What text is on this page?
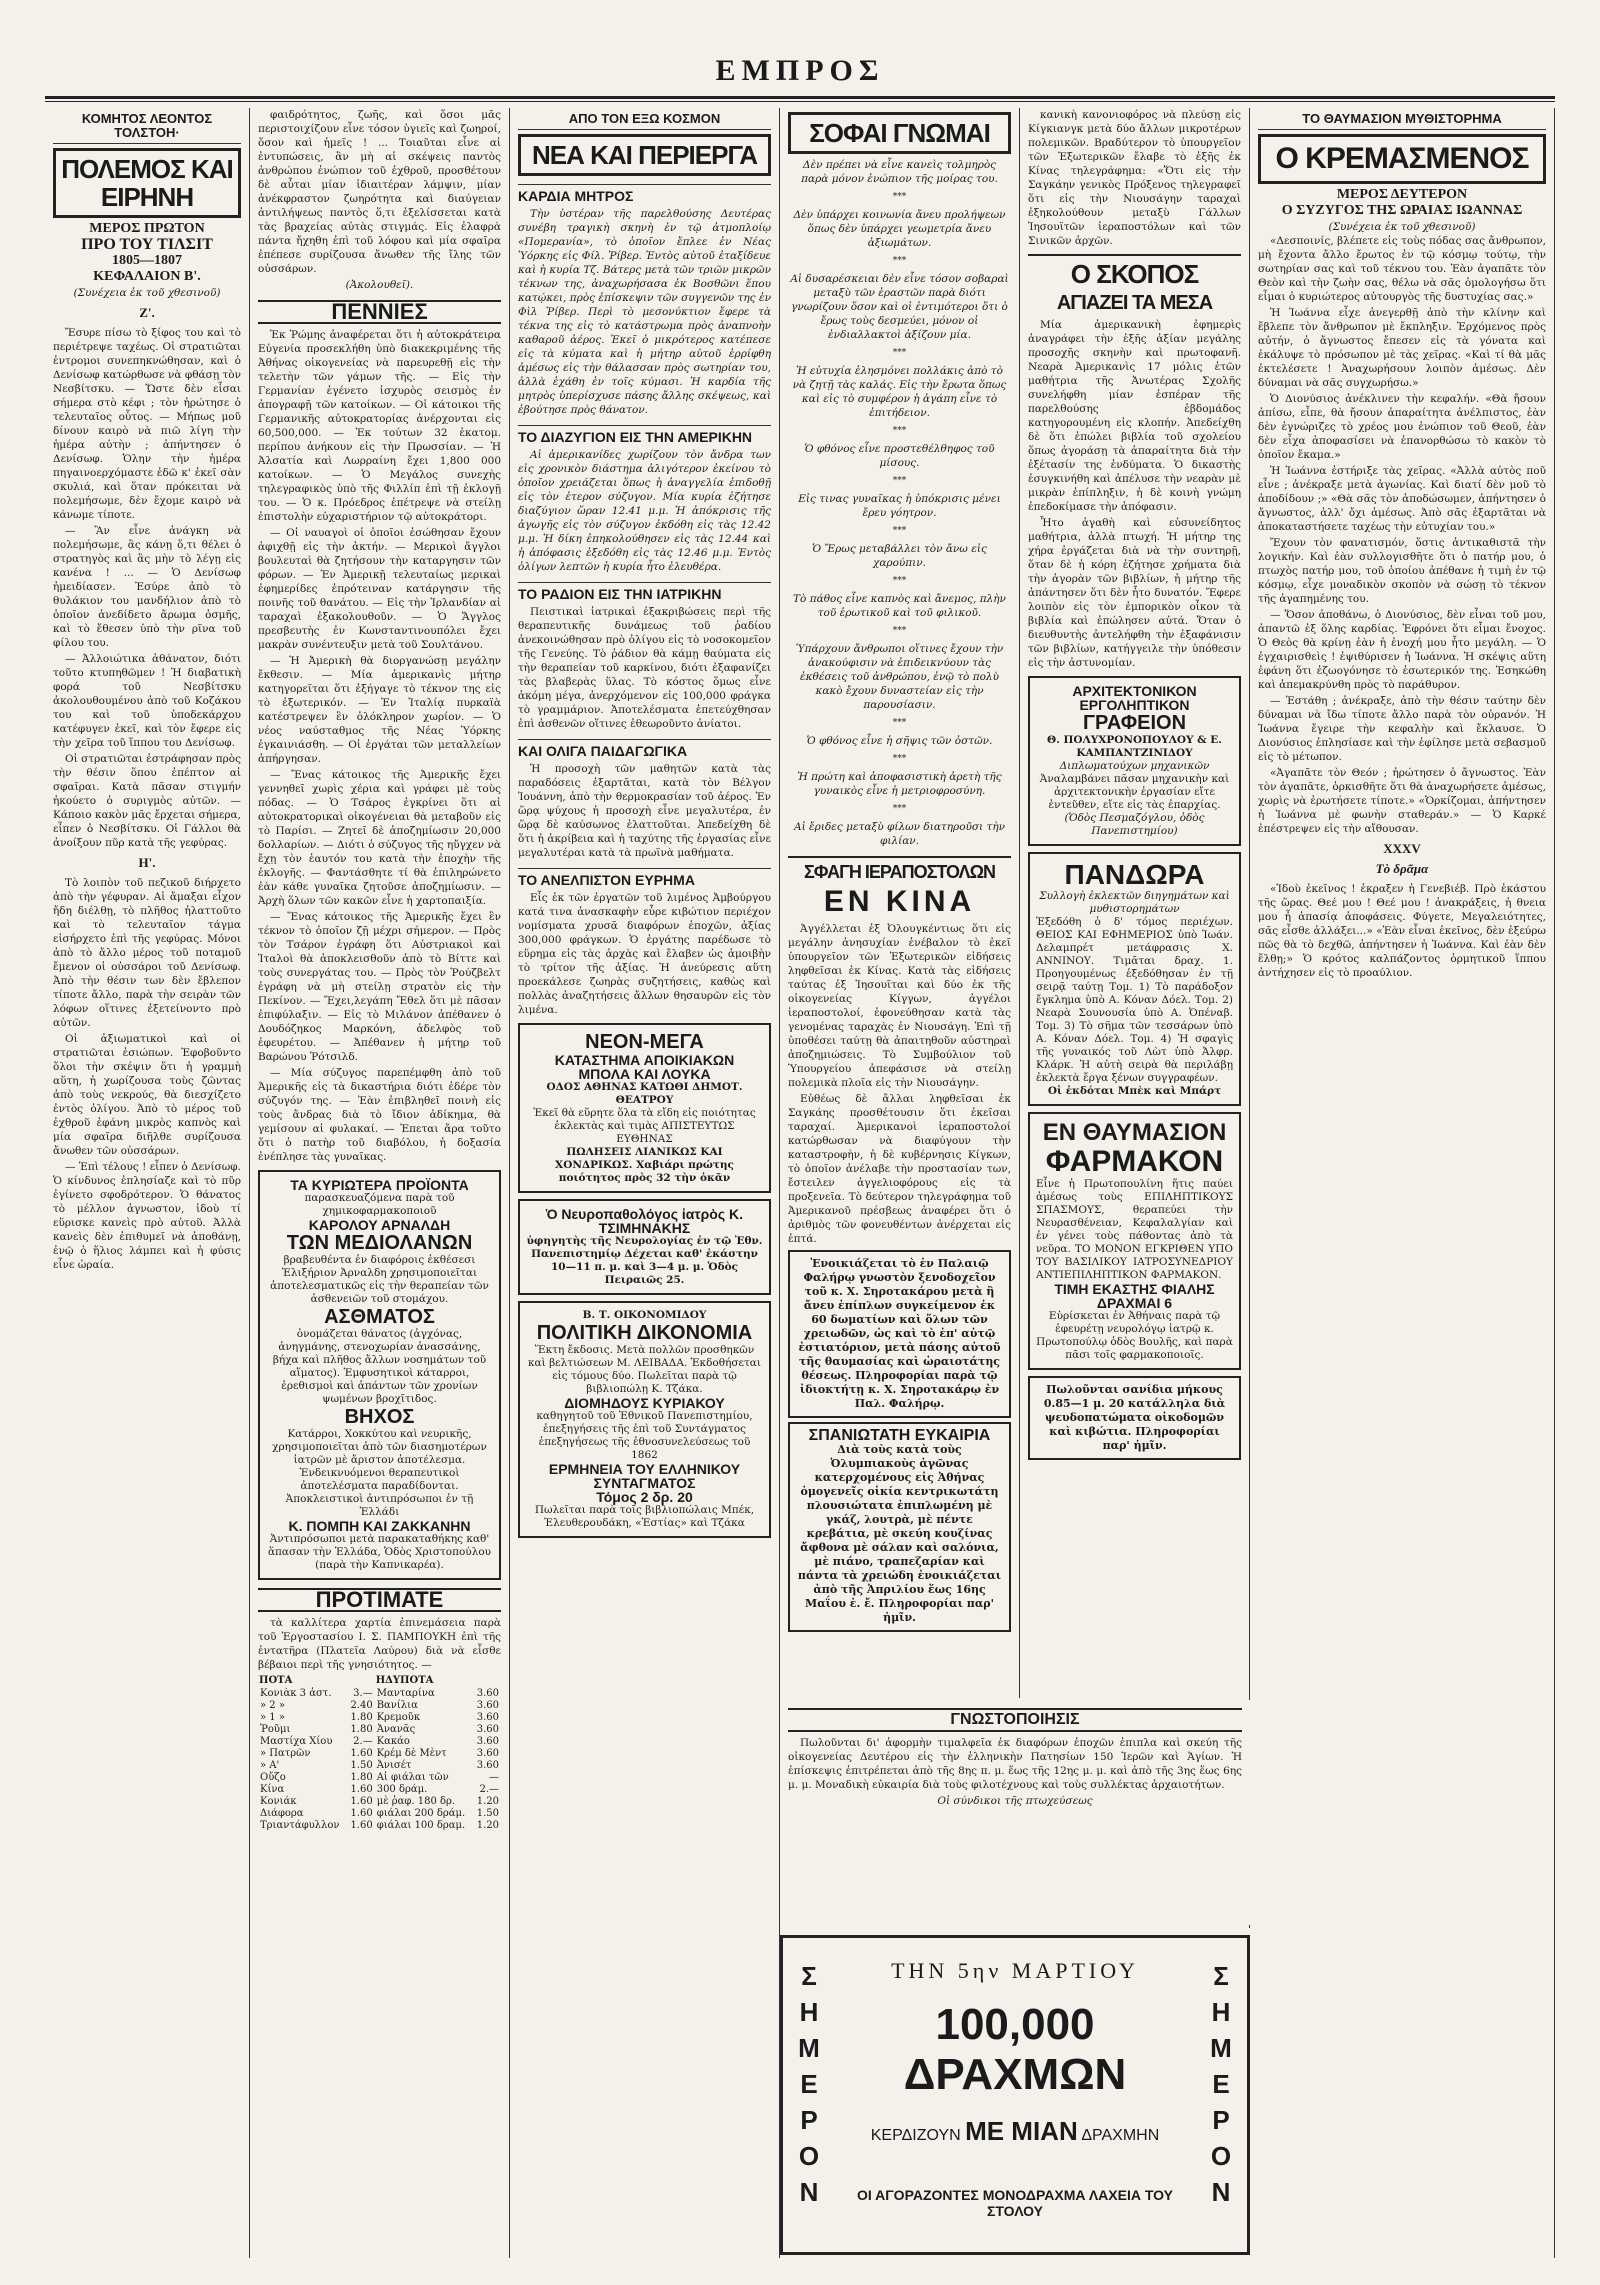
ΕΜΠΡΟΣ
ΚΟΜΗΤΟΣ ΛΕΟΝΤΟΣ ΤΟΛΣΤΟΗ·
ΠΟΛΕΜΟΣ ΚΑΙ ΕΙΡΗΝΗ
ΜΕΡΟΣ ΠΡΩΤΟΝ
ΠΡΟ ΤΟΥ ΤΙΛΣΙΤ
1805—1807
ΚΕΦΑΛΑΙΟΝ Β'.
(Συνέχεια ἐκ τοῦ χθεσινοῦ)
Ζ'.
Ἔσυρε πίσω τὸ ξίφος του καὶ τὸ περιέτρεψε ταχέως. Οἱ στρατιῶται ἐντρομοι συνεπηκνώθησαν, καὶ ὁ Δενίσωφ κατώρθωσε νὰ φθάσῃ τὸν Νεσβίτσκυ. — Ὥστε δὲν εἶσαι σήμερα στὸ κέφι ; τὸν ἠρώτησε ὁ τελευταῖος οὗτος. — Μήπως μοῦ δίνουν καιρὸ νὰ πιῶ λίγη τὴν ἡμέρα αὐτὴν ; ἀπήντησεν ὁ Δενίσωφ. Ὁλην τὴν ἡμέρα πηγαινοερχόμαστε ἐδῶ κ' ἐκεῖ σὰν σκυλιά, καὶ ὅταν πρόκειται νὰ πολεμήσωμε, δὲν ἔχομε καιρὸ νὰ κάνωμε τίποτε.
— Ἂν εἶνε ἀνάγκη νὰ πολεμήσωμε, ἂς κάνῃ ὅ,τι θέλει ὁ στρατηγὸς καὶ ἂς μὴν τὸ λέγῃ εἰς κανένα ! ... — Ὁ Δενίσωφ ἠμειδίασεν. Ἐσύρε ἀπὸ τὸ θυλάκιον του μανδήλιον ἀπὸ τὸ ὁποῖον ἀνεδίδετο ἄρωμα ὀσμῆς, καὶ τὸ ἔθεσεν ὑπὸ τὴν ρῖνα τοῦ φίλου του.
— Ἀλλοιώτικα ἀθάνατον, διότι τοῦτο κτυπηθῶμεν ! Ἡ διαβατικὴ φορά τοῦ Νεσβίτσκυ ἀκολουθουμένου ἀπὸ τοῦ Κοζάκου του καὶ τοῦ ὑποδεκάρχου κατέφυγεν ἐκεῖ, καὶ τὸν ἔφερε εἰς τὴν χεῖρα τοῦ ἵππου του Δενίσωφ.
Οἱ στρατιῶται ἐστράφησαν πρὸς τὴν θέσιν ὅπου ἐπέπτον αἱ σφαῖραι. Κατὰ πᾶσαν στιγμήν ἠκούετο ὁ συριγμὸς αὐτῶν. — Κάποιο κακὸν μᾶς ἔρχεται σήμερα, εἶπεν ὁ Νεσβίτσκυ. Οἱ Γάλλοι θὰ ἀνοίξουν πῦρ κατὰ τῆς γεφύρας.
Η'.
Τὸ λοιπὸν τοῦ πεζικοῦ διήρχετο ἀπὸ τὴν γέφυραν. Αἱ ἄμαξαι εἶχον ἤδη διέλθῃ, τὸ πλῆθος ἠλαττοῦτο καὶ τὸ τελευταῖον τάγμα εἰσήρχετο ἐπὶ τῆς γεφύρας. Μόνοι ἀπὸ τὸ ἄλλο μέρος τοῦ ποταμοῦ ἔμενον οἱ οὐσσάροι τοῦ Δενίσωφ. Ἀπὸ τὴν θέσιν των δὲν ἔβλεπον τίποτε ἄλλο, παρὰ τὴν σειρὰν τῶν λόφων οἵτινες ἐξετείνοντο πρὸ αὐτῶν.
Οἱ ἀξιωματικοὶ καὶ οἱ στρατιῶται ἐσιώπων. Ἐφοβοῦντο ὅλοι τὴν σκέψιν ὅτι ἡ γραμμὴ αὕτη, ἡ χωρίζουσα τοὺς ζῶντας ἀπὸ τοὺς νεκρούς, θὰ διεσχίζετο ἐντὸς ὀλίγου. Ἀπὸ τὸ μέρος τοῦ ἐχθροῦ ἐφάνη μικρὸς καπνὸς καὶ μία σφαῖρα διῆλθε συρίζουσα ἄνωθεν τῶν οὐσσάρων.
— Ἐπὶ τέλους ! εἶπεν ὁ Δενίσωφ. Ὁ κίνδυνος ἐπλησίαζε καὶ τὸ πῦρ ἐγίνετο σφοδρότερον. Ὁ θάνατος τὸ μέλλον ἀγνωστον, ἰδοὺ τί εὕρισκε κανεὶς πρὸ αὐτοῦ. Ἀλλὰ κανεὶς δὲν ἐπιθυμεῖ νὰ ἀποθάνῃ, ἐνῷ ὁ ἥλιος λάμπει καὶ ἡ φύσις εἶνε ὡραία.
φαιδρότητος, ζωῆς, καὶ ὅσοι μᾶς περιστοιχίζουν εἶνε τόσον ὑγιεῖς καὶ ζωηροί, ὅσον καὶ ἡμεῖς ! ... Τοιαῦται εἶνε αἱ ἐντυπώσεις, ἂν μὴ αἱ σκέψεις παντὸς ἀνθρώπου ἐνώπιον τοῦ ἐχθροῦ, προσθέτουν δὲ αὗται μίαν ἰδιαιτέραν λάμψιν, μίαν ἀνέκφραστον ζωηρότητα καὶ διαύγειαν ἀντιλήψεως παντὸς ὅ,τι ἐξελίσσεται κατὰ τὰς βραχείας αὐτὰς στιγμάς. Εἰς ἐλαφρὰ πάντα ἤχηθη ἐπὶ τοῦ λόφου καὶ μία σφαῖρα ἐπέπεσε συρίζουσα ἄνωθεν τῆς ἴλης τῶν οὐσσάρων.
(Ἀκολουθεῖ).
ΠΕΝΝΙΕΣ
Ἐκ Ῥώμης ἀναφέρεται ὅτι ἡ αὐτοκράτειρα Εὐγενία προσεκλήθη ὑπὸ διακεκριμένης τῆς Ἀθήνας οἰκογενείας νὰ παρευρεθῇ εἰς τὴν τελετὴν τῶν γάμων τῆς. — Εἰς τὴν Γερμανίαν ἐγένετο ἰσχυρὸς σεισμὸς ἐν ἀπογραφῇ τῶν κατοίκων. — Οἱ κάτοικοι τῆς Γερμανικῆς αὐτοκρατορίας ἀνέρχονται εἰς 60,500,000. — Ἐκ τούτων 32 ἑκατομ. περίπου ἀνήκουν εἰς τὴν Πρωσσίαν. — Ἡ Ἀλσατία καὶ Λωρραίνη ἔχει 1,800 000 κατοίκων. — Ὁ Μεγάλος συνεχὴς τηλεγραφικὸς ὑπὸ τῆς Φιλλίπ ἐπὶ τῇ ἐκλογῇ του. — Ὁ κ. Πρόεδρος ἐπέτρεψε νὰ στείλῃ ἐπιστολὴν εὐχαριστήριον τῷ αὐτοκράτορι.
— Οἱ ναυαγοὶ οἱ ὁποῖοι ἐσώθησαν ἔχουν ἀφιχθῇ εἰς τὴν ἀκτήν. — Μερικοὶ ἄγγλοι βουλευταὶ θὰ ζητήσουν τὴν καταργησιν τῶν φόρων. — Ἐν Ἀμερικῇ τελευταίως μερικαὶ ἐφημερίδες ἐπρότειναν κατάργησιν τῆς ποινῆς τοῦ θανάτου. — Εἰς τὴν Ἰρλανδίαν αἱ ταραχαὶ ἐξακολουθοῦν. — Ὁ Ἄγγλος πρεσβευτὴς ἐν Κωνσταντινουπόλει ἔχει μακρὰν συνέντευξιν μετὰ τοῦ Σουλτάνου.
— Ἡ Ἀμερικὴ θὰ διοργανώσῃ μεγάλην ἔκθεσιν. — Μία ἀμερικανὶς μήτηρ κατηγορεῖται ὅτι ἐξήγαγε τὸ τέκνον της εἰς τὸ ἐξωτερικόν. — Ἐν Ἰταλίᾳ πυρκαϊὰ κατέστρεψεν ἓν ὁλόκληρον χωρίον. — Ὁ νέος ναύσταθμος τῆς Νέας Ὑόρκης ἐγκαινιάσθη. — Οἱ ἐργάται τῶν μεταλλείων ἀπήργησαν.
— Ἔνας κάτοικος τῆς Ἀμερικῆς ἔχει γεννηθεῖ χωρὶς χέρια καὶ γράφει μὲ τοὺς πόδας. — Ὁ Τσάρος ἐγκρίνει ὅτι αἱ αὐτοκρατορικαὶ οἰκογένειαι θὰ μεταβοῦν εἰς τὸ Παρίσι. — Ζητεῖ δὲ ἀποζημίωσιν 20,000 δολλαρίων. — Διότι ὁ σύζυγος τῆς ηὔγχεν νὰ ἔχῃ τὸν ἑαυτόν του κατὰ τὴν ἐποχὴν τῆς ἐκλογῆς. — Φαντάσθητε τί θὰ ἐπιληρώνετο ἐὰν κάθε γυναῖκα ζητοῦσε ἀποζημίωσιν. — Ἀρχὴ ὅλων τῶν κακῶν εἶνε ἡ χαρτοπαιξία.
— Ἕνας κάτοικος τῆς Ἀμερικῆς ἔχει ἓν τέκνον τὸ ὁποῖον ζῇ μέχρι σήμερον. — Πρὸς τὸν Τσάρον ἐγράφη ὅτι Αὐστριακοὶ καὶ Ἰταλοὶ θὰ ἀποκλεισθοῦν ἀπὸ τὸ Βίττε καὶ τοὺς συνεργάτας του. — Πρὸς τὸν Ῥούζβελτ ἐγράφη νὰ μὴ στείλῃ στρατὸν εἰς τὴν Πεκίνον. — Ἔχει,λεγάπη Ἔθελ ὅτι μὲ πᾶσαν ἐπιφύλαξιν. — Εἰς τὸ Μιλάνον ἀπέθανεν ὁ Δουδόζηκος Μαρκόνη, ἀδελφὸς τοῦ ἐφευρέτου. — Ἀπέθανεν ἡ μήτηρ τοῦ Βαρώνου Ῥότσιλδ.
— Μία σύζυγος παρεπέμφθη ἀπὸ τοῦ Ἀμερικῆς εἰς τὰ δικαστήρια διότι ἐδέρε τὸν σύζυγόν της. — Ἐὰν ἐπιβληθεῖ ποινὴ εἰς τοὺς ἄνδρας διὰ τὸ ἴδιον ἀδίκημα, θὰ γεμίσουν αἱ φυλακαί. — Ἐπεται ἄρα τοῦτο ὅτι ὁ πατὴρ τοῦ διαβόλου, ἡ δοξασία ἐνέπλησε τὰς γυναῖκας.
ΤΑ ΚΥΡΙΩΤΕΡΑ ΠΡΟΪΟΝΤΑ
παρασκευαζόμενα παρὰ τοῦ χημικοφαρμακοποιοῦ
ΚΑΡΟΛΟΥ ΑΡΝΑΛΔΗ
ΤΩΝ ΜΕΔΙΟΛΑΝΩΝ
βραβευθέντα ἐν διαφόροις ἐκθέσεσι Ἐλιξήριον Ἀρναλδη χρησιμοποιεῖται ἀποτελεσματικῶς εἰς τὴν θεραπείαν τῶν ἀσθενειῶν τοῦ στομάχου.
ΑΣΘΜΑΤΟΣ
ὁνομάζεται θάνατος (ἀγχόνας, ἀνηγμάνης, στενοχωρίαν ἀνασσάνης, βήχα καὶ πλῆθος ἄλλων νοσημάτων τοῦ αἵματος). Ἐμφυσητικοὶ κάταρροι, ἐρεθισμοὶ καὶ ἀπάντων τῶν χρονίων ψωμένων βροχῖτιδος.
ΒΗΧΟΣ
Κατάρροι, Χοκκύτου καὶ νευρικῆς, χρησιμοποιεῖται ἀπὸ τῶν διασημοτέρων ἰατρῶν μὲ ἄριστον ἀποτέλεσμα. Ἐνδεικνυόμενοι θεραπευτικοὶ ἀποτελέσματα παραδίδονται.
Ἀποκλειστικοὶ ἀντιπρόσωποι ἐν τῇ Ἑλλάδι
Κ. ΠΟΜΠΗ ΚΑΙ ΖΑΚΚΑΝΗΝ
Ἀντιπρόσωποι μετὰ παρακαταθήκης καθ' ἅπασαν τὴν Ἑλλάδα, Ὁδὸς Χριστοπούλου (παρὰ τὴν Καπνικαρέα).
ΠΡΟΤΙΜΑΤΕ
τὰ καλλίτερα χαρτία ἐπινεμάσεια παρὰ τοῦ Ἐργοστασίου Ι. Σ. ΠΑΜΠΟΥΚΗ ἐπὶ τῆς ἐντατῆρα (Πλατεῖα Λαύρου) διὰ νὰ εἶσθε βέβαιοι περὶ τῆς γνησιότητος. —
ΠΟΤΑ		ΗΔΥΠΟΤΑ	
Κονιὰκ 3 ἀστ.	3.—	Μανταρίνα	3.60
» 2 »	2.40	Βανίλια	3.60
» 1 »	1.80	Κρεμοῦκ	3.60
Ῥοῦμι	1.80	Ἀνανᾶς	3.60
Μαστίχα Χίου	2.—	Κακάο	3.60
» Πατρῶν	1.60	Κρέμ δὲ Μὲντ	3.60
» Α'	1.50	Ἀνισέτ	3.60
Οὔζο	1.80	Αἱ φιάλαι τῶν	—
Κίνα	1.60	300 δράμ.	2.—
Κονιάκ	1.60	μὲ ῥαφ. 180 δρ.	1.20
Διάφορα	1.60	φιάλαι 200 δράμ.	1.50
Τριαντάφυλλον	1.60	φιάλαι 100 δραμ.	1.20
ΑΠΟ ΤΟΝ ΕΞΩ ΚΟΣΜΟΝ
ΝΕΑ ΚΑΙ ΠΕΡΙΕΡΓΑ
ΚΑΡΔΙΑ ΜΗΤΡΟΣ
Τὴν ὑστέραν τῆς παρελθούσης Δευτέρας συνέβη τραγικὴ σκηνὴ ἐν τῷ ἀτμοπλοίῳ «Πομερανία», τὸ ὁποῖον ἔπλεε ἐν Νέας Ὑόρκης εἰς Φίλ. Ῥίβερ. Ἐντὸς αὐτοῦ ἐταξίδευε καὶ ἡ κυρία Τζ. Βάτερς μετὰ τῶν τριῶν μικρῶν τέκνων της, ἀναχωρήσασα ἐκ Βοσθῶνι ἕπου κατῴκει, πρὸς ἐπίσκεψιν τῶν συγγενῶν της ἐν Φὶλ Ῥίβερ. Περὶ τὸ μεσονύκτιον ἔφερε τὰ τέκνα της εἰς τὸ κατάστρωμα πρὸς ἀναπνοὴν καθαροῦ ἀέρος. Ἐκεῖ ὁ μικρότερος κατέπεσε εἰς τὰ κύματα καὶ ἡ μήτηρ αὐτοῦ ἐρρίφθη ἀμέσως εἰς τὴν θάλασσαν πρὸς σωτηρίαν του, ἀλλὰ ἐχάθη ἐν τοῖς κύμασι. Ἡ καρδία τῆς μητρὸς ὑπερίσχυσε πάσης ἄλλης σκέψεως, καὶ ἐβούτησε πρὸς θάνατον.
ΤΟ ΔΙΑΖΥΓΙΟΝ ΕΙΣ ΤΗΝ ΑΜΕΡΙΚΗΝ
Αἱ ἀμερικανίδες χωρίζουν τὸν ἄνδρα των εἰς χρονικὸν διάστημα ἀλιγότερον ἐκείνου τὸ ὁποῖον χρειάζεται ὅπως ἡ ἀναγγελία ἐπιδοθῇ εἰς τὸν ἐτερον σύζυγον. Μία κυρία ἐζήτησε διαζύγιον ὥραν 12.41 μ.μ. Ἡ ἀπόκρισις τῆς ἀγωγῆς εἰς τὸν σύζυγον ἐκδόθη εἰς τὰς 12.42 μ.μ. Ἡ δίκη ἐπηκολούθησεν εἰς τὰς 12.44 καὶ ἡ ἀπόφασις ἐξεδόθη εἰς τὰς 12.46 μ.μ. Ἐντὸς ὀλίγων λεπτῶν ἡ κυρία ἦτο ἐλευθέρα.
ΤΟ ΡΑΔΙΟΝ ΕΙΣ ΤΗΝ ΙΑΤΡΙΚΗΝ
Πειστικαὶ ἰατρικαὶ ἐξακριβώσεις περὶ τῆς θεραπευτικῆς δυνάμεως τοῦ ῥαδίου ἀνεκοινώθησαν πρὸ ὀλίγου εἰς τὸ νοσοκομεῖον τῆς Γενεύης. Τὸ ῥάδιον θὰ κάμῃ θαύματα εἰς τὴν θεραπείαν τοῦ καρκίνου, διότι ἐξαφανίζει τὰς βλαβερὰς ὕλας. Τὸ κόστος ὅμως εἶνε ἀκόμη μέγα, ἀνερχόμενον εἰς 100,000 φράγκα τὸ γραμμάριον. Ἀποτελέσματα ἐπετεύχθησαν ἐπὶ ἀσθενῶν οἵτινες ἐθεωροῦντο ἀνίατοι.
ΚΑΙ ΟΛΙΓΑ ΠΑΙΔΑΓΩΓΙΚΑ
Ἡ προσοχὴ τῶν μαθητῶν κατὰ τὰς παραδόσεις ἐξαρτᾶται, κατὰ τὸν Βέλγον Ἰουάννη, ἀπὸ τὴν θερμοκρασίαν τοῦ ἀέρος. Ἐν ὥρᾳ ψύχους ἡ προσοχὴ εἶνε μεγαλυτέρα, ἐν ὥρᾳ δὲ καύσωνος ἐλαττοῦται. Ἀπεδείχθη δὲ ὅτι ἡ ἀκρίβεια καὶ ἡ ταχύτης τῆς ἐργασίας εἶνε μεγαλυτέραι κατὰ τὰ πρωϊνὰ μαθήματα.
ΤΟ ΑΝΕΛΠΙΣΤΟΝ ΕΥΡΗΜΑ
Εἶς ἐκ τῶν ἐργατῶν τοῦ λιμένος Ἀμβούργου κατά τινα ἀνασκαφὴν εὗρε κιβώτιον περιέχον νομίσματα χρυσᾶ διαφόρων ἐποχῶν, ἀξίας 300,000 φράγκων. Ὁ ἐργάτης παρέδωσε τὸ εὕρημα εἰς τὰς ἀρχὰς καὶ ἔλαβεν ὡς ἀμοιβὴν τὸ τρίτον τῆς ἀξίας. Ἡ ἀνεύρεσις αὕτη προεκάλεσε ζωηρὰς συζητήσεις, καθὼς καὶ πολλὰς ἀναζητήσεις ἄλλων θησαυρῶν εἰς τὸν λιμένα.
ΝΕΟΝ-ΜΕΓΑ
ΚΑΤΑΣΤΗΜΑ ΑΠΟΙΚΙΑΚΩΝ
ΜΠΟΛΑ ΚΑΙ ΛΟΥΚΑ
ΟΔΟΣ ΑΘΗΝΑΣ ΚΑΤΩΘΙ ΔΗΜΟΤ. ΘΕΑΤΡΟΥ
Ἐκεῖ θὰ εὕρητε ὅλα τὰ εἴδη εἰς ποιότητας ἐκλεκτὰς καὶ τιμὰς ΑΠΙΣΤΕΥΤΩΣ ΕΥΘΗΝΑΣ
ΠΩΛΗΣΕΙΣ ΛΙΑΝΙΚΩΣ ΚΑΙ ΧΟΝΔΡΙΚΩΣ. Χαβιάρι πρώτης ποιότητος πρὸς 32 τὴν ὀκᾶν
Ὁ Νευροπαθολόγος ἰατρὸς Κ. ΤΣΙΜΗΝΑΚΗΣ
ὑφηγητὴς τῆς Νευρολογίας ἐν τῷ Ἐθν. Πανεπιστημίῳ Δέχεται καθ' ἑκάστην 10—11 π. μ. καὶ 3—4 μ. μ. Ὁδὸς Πειραιῶς 25.
Β. Τ. ΟΙΚΟΝΟΜΙΔΟΥ
ΠΟΛΙΤΙΚΗ ΔΙΚΟΝΟΜΙΑ
Ἕκτη ἔκδοσις. Μετὰ πολλῶν προσθηκῶν καὶ βελτιώσεων Μ. ΛΕΙΒΑΔΑ. Ἐκδοθήσεται εἰς τόμους δύο. Πωλεῖται παρὰ τῷ βιβλιοπώλῃ Κ. Τζάκα.
ΔΙΟΜΗΔΟΥΣ ΚΥΡΙΑΚΟΥ
καθηγητοῦ τοῦ Ἐθνικοῦ Πανεπιστημίου, ἐπεξηγήσεις τῆς ἐπὶ τοῦ Συντάγματος ἐπεξηγήσεως τῆς ἐθνοσυνελεύσεως τοῦ 1862
ΕΡΜΗΝΕΙΑ ΤΟΥ ΕΛΛΗΝΙΚΟΥ ΣΥΝΤΑΓΜΑΤΟΣ
Τόμος 2 δρ. 20
Πωλεῖται παρὰ τοῖς βιβλιοπώλαις Μπέκ, Ἐλευθερουδάκη, «Ἑστίας» καὶ Τζάκα
ΣΟΦΑΙ ΓΝΩΜΑΙ
Δὲν πρέπει νὰ εἶνε κανεὶς τολμηρὸς παρὰ μόνον ἐνώπιον τῆς μοίρας του.
***
Δὲν ὑπάρχει κοινωνία ἄνευ προλήψεων ὅπως δὲν ὑπάρχει γεωμετρία ἄνευ ἀξιωμάτων.
***
Αἱ δυσαρέσκειαι δὲν εἶνε τόσον σοβαραὶ μεταξὺ τῶν ἐραστῶν παρὰ διότι γνωρίζουν ὅσον καὶ οἱ ἐντιμότεροι ὅτι ὁ ἔρως τοὺς δεσμεύει, μόνον οἱ ἐνδιαλλακτοὶ ἀξίζουν μία.
***
Ἡ εὐτυχία ἐλησμόνει πολλάκις ἀπὸ τὸ νὰ ζητῇ τὰς καλάς. Εἰς τὴν ἔρωτα ὅπως καὶ εἰς τὸ συμφέρον ἡ ἀγάπη εἶνε τὸ ἐπιτήδειον.
***
Ὁ φθόνος εἶνε προστεθέλθηφος τοῦ μίσους.
***
Εἰς τινας γυναῖκας ἡ ὑπόκρισις μένει ἔρευ γόητρον.
***
Ὁ Ἔρως μεταβάλλει τὸν ἄνω εἰς χαρούπιν.
***
Τὸ πάθος εἶνε καπνὸς καὶ ἄνεμος, πλὴν τοῦ ἐρωτικοῦ καὶ τοῦ φιλικοῦ.
***
Ὑπάρχουν ἄνθρωποι οἵτινες ἔχουν τὴν ἀνακούφισιν νὰ ἐπιδεικνύουν τὰς ἐκθέσεις τοῦ ἀνθρώπου, ἐνῷ τὸ πολὺ κακὸ ἔχουν δυναστείαν εἰς τὴν παρουσίασιν.
***
Ὁ φθόνος εἶνε ἡ σῆψις τῶν ὀστῶν.
***
Ἡ πρώτη καὶ ἀποφασιστικὴ ἀρετὴ τῆς γυναικὸς εἶνε ἡ μετριοφροσύνη.
***
Αἱ ἔριδες μεταξὺ φίλων διατηροῦσι τὴν φιλίαν.
ΣΦΑΓΗ ΙΕΡΑΠΟΣΤΟΛΩΝ
ΕΝ ΚΙΝΑ
Ἀγγέλλεται ἐξ Ὀλουγκέντιως ὅτι εἰς μεγάλην ἀνησυχίαν ἐνέβαλον τὸ ἐκεῖ ὑπουργεῖον τῶν Ἐξωτερικῶν εἰδήσεις ληφθεῖσαι ἐκ Κίνας. Κατὰ τὰς εἰδήσεις ταύτας ἐξ Ἰησουῖται καὶ δύο ἐκ τῆς οἰκογενείας Κίγγων, ἀγγέλοι ἱεραποστολοί, ἐφονεύθησαν κατὰ τὰς γενομένας ταραχὰς ἐν Νιουσάγη. Ἐπὶ τῇ ὑποθέσει ταύτῃ θὰ ἀπαιτηθοῦν αὐστηραὶ ἀποζημιώσεις. Τὸ Συμβούλιον τοῦ Ὑπουργείου ἀπεφάσισε νὰ στείλῃ πολεμικὰ πλοῖα εἰς τὴν Νιουσάγην.
Εὐθέως δὲ ἄλλαι ληφθεῖσαι ἐκ Σαγκάης προσθέτουσιν ὅτι ἐκεῖσαι ταραχαί. Ἀμερικανοὶ ἱεραποστολοί κατώρθωσαν νὰ διαφύγουν τὴν καταστροφὴν, ἡ δὲ κυβέρνησις Κίγκων, τὸ ὁποῖον ἀνέλαβε τὴν προστασίαν των, ἔστειλεν ἀγγελιοφόρους εἰς τὰ προξενεῖα. Τὸ δεύτερον τηλεγράφημα τοῦ Ἀμερικανοῦ πρέσβεως ἀναφέρει ὅτι ὁ ἀριθμὸς τῶν φονευθέντων ἀνέρχεται εἰς ἑπτά.
Ἐνοικιάζεται τὸ ἐν Παλαιῷ Φαλήρῳ γνωστὸν ξενοδοχεῖον τοῦ κ. Χ. Σηροτακάρου μετὰ ἢ ἄνευ ἐπίπλων συγκείμενον ἐκ 60 δωματίων καὶ ὅλων τῶν χρειωδῶν, ὡς καὶ τὸ ἐπ' αὐτῷ ἐστιατόριον, μετὰ πάσης αὐτοῦ τῆς θαυμασίας καὶ ὡραιοτάτης θέσεως. Πληροφορίαι παρὰ τῷ ἰδιοκτήτῃ κ. Χ. Σηροτακάρῳ ἐν Παλ. Φαλήρῳ.
ΣΠΑΝΙΩΤΑΤΗ ΕΥΚΑΙΡΙΑ
Διὰ τοὺς κατὰ τοὺς Ὀλυμπιακοὺς ἀγῶνας κατερχομένους εἰς Ἀθήνας ὁμογενεῖς οἰκία κεντρικωτάτη πλουσιώτατα ἐπιπλωμένη μὲ γκάζ, λουτρὰ, μὲ πέντε κρεβάτια, μὲ σκεύη κουζίνας ἄφθονα μὲ σάλαν καὶ σαλόνια, μὲ πιάνο, τραπεζαρίαν καὶ πάντα τὰ χρειώδη ἐνοικιάζεται ἀπὸ τῆς Ἀπριλίου ἕως 16ης Μαΐου ἐ. ἔ. Πληροφορίαι παρ' ἡμῖν.
κανικὴ κανονιοφόρος νὰ πλεύσῃ εἰς Κίγκιανγκ μετὰ δύο ἄλλων μικροτέρων πολεμικῶν. Βραδύτερον τὸ ὑπουργεῖον τῶν Ἐξωτερικῶν ἔλαβε τὸ ἑξῆς ἐκ Κίνας τηλεγράφημα: «Ὅτι εἰς τὴν Σαγκάην γενικὸς Πρόξενος τηλεγραφεῖ ὅτι εἰς τὴν Νιουσάγην ταραχαὶ ἐξηκολούθουν μεταξὺ Γάλλων Ἰησουϊτῶν ἱεραποστόλων καὶ τῶν Σινικῶν ἀρχῶν.
Ο ΣΚΟΠΟΣ
ΑΓΙΑΖΕΙ ΤΑ ΜΕΣΑ
Μία ἀμερικανικὴ ἐφημερὶς ἀναγράφει τὴν ἑξῆς ἀξίαν μεγάλης προσοχῆς σκηνὴν καὶ πρωτοφανῆ. Νεαρὰ Ἀμερικανὶς 17 μόλις ἐτῶν μαθήτρια τῆς Ἀνωτέρας Σχολῆς συνελήφθη μίαν ἑσπέραν τῆς παρελθούσης ἑβδομάδος κατηγορουμένη εἰς κλοπήν. Ἀπεδείχθη δὲ ὅτι ἐπώλει βιβλία τοῦ σχολείου ὅπως ἀγοράσῃ τὰ ἀπαραίτητα διὰ τὴν ἐξέτασίν της ἐνδύματα. Ὁ δικαστὴς ἐσυγκινήθη καὶ ἀπέλυσε τὴν νεαρὰν μὲ μικρὰν ἐπίπληξιν, ἡ δὲ κοινὴ γνώμη ἐπεδοκίμασε τὴν ἀπόφασιν.
Ἦτο ἀγαθὴ καὶ εὐσυνείδητος μαθήτρια, ἀλλὰ πτωχή. Ἡ μήτηρ της χήρα ἐργάζεται διὰ νὰ τὴν συντηρῇ, ὅταν δὲ ἡ κόρη ἐζήτησε χρήματα διὰ τὴν ἀγορὰν τῶν βιβλίων, ἡ μήτηρ τῆς ἀπάντησεν ὅτι δὲν ἦτο δυνατόν. Ἔφερε λοιπὸν εἰς τὸν ἐμπορικὸν οἶκον τὰ βιβλία καὶ ἐπώλησεν αὐτά. Ὅταν ὁ διευθυντὴς ἀντελήφθη τὴν ἐξαφάνισιν τῶν βιβλίων, κατήγγειλε τὴν ὑπόθεσιν εἰς τὴν ἀστυνομίαν.
ΑΡΧΙΤΕΚΤΟΝΙΚΟΝ ΕΡΓΟΛΗΠΤΙΚΟΝ
ΓΡΑΦΕΙΟΝ
Θ. ΠΟΛΥΧΡΟΝΟΠΟΥΛΟΥ & Ε. ΚΑΜΠΑΝΤΖΙΝΙΔΟΥ
Διπλωματούχων μηχανικῶν
Ἀναλαμβάνει πᾶσαν μηχανικὴν καὶ ἀρχιτεκτονικὴν ἐργασίαν εἴτε ἐντεῦθεν, εἴτε εἰς τὰς ἐπαρχίας.
(Ὁδὸς Πεσμαζόγλου, ὁδὸς Πανεπιστημίου)
ΠΑΝΔΩΡΑ
Συλλογὴ ἐκλεκτῶν διηγημάτων καὶ μυθιστορημάτων
Ἐξεδόθη ὁ δ' τόμος περιέχων. ΘΕΙΟΣ ΚΑΙ ΕΦΗΜΕΡΙΟΣ ὑπὸ Ἰωάν. Δελαμπρέτ μετάφρασις Χ. ΑΝΝΙΝΟΥ. Τιμᾶται δραχ. 1. Προηγουμένως ἐξεδόθησαν ἐν τῇ σειρᾷ ταύτῃ Τομ. 1) Τὸ παράδοξον ἔγκλημα ὑπὸ Α. Κόναν Δόελ. Τομ. 2) Νεαρὰ Σουνουσία ὑπὸ Α. Ὀπέναβ. Τομ. 3) Τὸ σῆμα τῶν τεσσάρων ὑπὸ Α. Κόναν Δόελ. Τομ. 4) Ἡ σφαγὶς τῆς γυναικός τοῦ Λὼτ ὑπὸ Ἀλφρ. Κλάρκ. Ἡ αὐτὴ σειρὰ θὰ περιλάβῃ ἐκλεκτὰ ἔργα ξένων συγγραφέων.
Οἱ ἐκδόται Μπὲκ καὶ Μπάρτ
ΕΝ ΘΑΥΜΑΣΙΟΝ
ΦΑΡΜΑΚΟΝ
Εἶνε ἡ Πρωτοπουλίνη ἥτις παύει ἀμέσως τοὺς ΕΠΙΛΗΠΤΙΚΟΥΣ ΣΠΑΣΜΟΥΣ, θεραπεύει τὴν Νευρασθένειαν, Κεφαλαλγίαν καὶ ἐν γένει τοὺς πάθοντας ἀπὸ τὰ νεῦρα. ΤΟ ΜΟΝΟΝ ΕΓΚΡΙΘΕΝ ΥΠΟ ΤΟΥ ΒΑΣΙΛΙΚΟΥ ΙΑΤΡΟΣΥΝΕΔΡΙΟΥ ΑΝΤΙΕΠΙΛΗΠΤΙΚΟΝ ΦΑΡΜΑΚΟΝ.
ΤΙΜΗ ΕΚΑΣΤΗΣ ΦΙΑΛΗΣ ΔΡΑΧΜΑΙ 6
Εὑρίσκεται ἐν Ἀθήναις παρὰ τῷ ἐφευρέτῃ νευρολόγῳ ἰατρῷ κ. Πρωτοπούλῳ ὁδὸς Βουλῆς, καὶ παρὰ πᾶσι τοῖς φαρμακοποιοῖς.
Πωλοῦνται σανίδια μήκους 0.85—1 μ. 20 κατάλληλα διὰ ψευδοπατώματα οἰκοδομῶν καὶ κιβώτια. Πληροφορίαι παρ' ἡμῖν.
ΤΟ ΘΑΥΜΑΣΙΟΝ ΜΥΘΙΣΤΟΡΗΜΑ
Ο ΚΡΕΜΑΣΜΕΝΟΣ
ΜΕΡΟΣ ΔΕΥΤΕΡΟΝ
Ο ΣΥΖΥΓΟΣ ΤΗΣ ΩΡΑΙΑΣ ΙΩΑΝΝΑΣ
(Συνέχεια ἐκ τοῦ χθεσινοῦ)
«Δεσποινίς, βλέπετε εἰς τοὺς πόδας σας ἄνθρωπον, μὴ ἔχοντα ἄλλο ἔρωτος ἐν τῷ κόσμῳ τούτῳ, τὴν σωτηρίαν σας καὶ τοῦ τέκνου του. Ἐὰν ἀγαπᾶτε τὸν Θεὸν καὶ τὴν ζωὴν σας, θέλω νὰ σᾶς ὁμολογήσω ὅτι εἶμαι ὁ κυριώτερος αὐτουργὸς τῆς δυστυχίας σας.»
Ἡ Ἰωάννα εἶχε ἀνεγερθῇ ἀπὸ τὴν κλίνην καὶ ἔβλεπε τὸν ἄνθρωπον μὲ ἔκπληξιν. Ἐρχόμενος πρὸς αὐτήν, ὁ ἄγνωστος ἔπεσεν εἰς τὰ γόνατα καὶ ἐκάλυψε τὸ πρόσωπον μὲ τὰς χεῖρας. «Καὶ τί θὰ μᾶς ἐκτελέσετε ! Ἀναχωρήσουν λοιπὸν ἀμέσως. Δὲν δύναμαι νὰ σᾶς συγχωρήσω.»
Ὁ Διονύσιος ἀνέκλινεν τὴν κεφαλήν. «Θὰ ἤσουν ἀπίσω, εἶπε, θὰ ἤσουν ἀπαραίτητα ἀνέλπιστος, ἐὰν δὲν ἐγνώριζες τὸ χρέος μου ἐνώπιον τοῦ Θεοῦ, ἐὰν δὲν εἶχα ἀποφασίσει νὰ ἐπανορθώσω τὸ κακὸν τὸ ὁποῖον ἔκαμα.»
Ἡ Ἰωάννα ἐστήριξε τὰς χεῖρας. «Ἀλλὰ αὐτὸς ποῦ εἶνε ; ἀνέκραξε μετὰ ἀγωνίας. Καὶ διατί δὲν μοῦ τὸ ἀποδίδουν ;» «Θὰ σᾶς τὸν ἀποδώσωμεν, ἀπήντησεν ὁ ἄγνωστος, ἀλλ' ὄχι ἀμέσως. Ἀπὸ σᾶς ἐξαρτᾶται νὰ ἀποκαταστήσετε ταχέως τὴν εὐτυχίαν του.»
Ἔχουν τὸν φανατισμόν, ὅστις ἀντικαθιστᾶ τὴν λογικήν. Καὶ ἐὰν συλλογισθῆτε ὅτι ὁ πατήρ μου, ὁ πτωχὸς πατήρ μου, τοῦ ὁποίου ἀπέθανε ἡ τιμὴ ἐν τῷ κόσμῳ, εἶχε μοναδικὸν σκοπὸν νὰ σώσῃ τὸ τέκνον τῆς ἀγαπημένης του.
— Ὅσον ἀποθάνω, ὁ Διονύσιος, δὲν εἶναι τοῦ μου, ἀπαντῶ ἐξ ὅλης καρδίας. Ἐφρόνει ὅτι εἶμαι ἔνοχος. Ὁ Θεὸς θὰ κρίνῃ ἐὰν ἡ ἐνοχή μου ἦτο μεγάλη. — Ὁ ἐγχαιρισθεὶς ! ἐψιθύρισεν ἡ Ἰωάννα. Ἡ σκέψις αὕτη ἐφάνη ὅτι ἐζωογόνησε τὸ ἐσωτερικόν της. Ἐσηκώθη καὶ ἀπεμακρύνθη πρὸς τὸ παράθυρον.
— Ἐστάθη ; ἀνέκραξε, ἀπὸ τὴν θέσιν ταύτην δὲν δύναμαι νὰ ἴδω τίποτε ἄλλο παρὰ τὸν οὐρανόν. Ἡ Ἰωάννα ἔγειρε τὴν κεφαλὴν καὶ ἔκλαυσε. Ὁ Διονύσιος ἐπλησίασε καὶ τὴν ἐφίλησε μετὰ σεβασμοῦ εἰς τὸ μέτωπον.
«Ἀγαπᾶτε τὸν Θεόν ; ἠρώτησεν ὁ ἄγνωστος. Ἐὰν τὸν ἀγαπᾶτε, ὁρκισθῆτε ὅτι θὰ ἀναχωρήσετε ἀμέσως, χωρὶς νὰ ἐρωτήσετε τίποτε.» «Ὁρκίζομαι, ἀπήντησεν ἡ Ἰωάννα μὲ φωνὴν σταθεράν.» — Ὁ Καρκέ ἐπέστρεψεν εἰς τὴν αἴθουσαν.
XXXV
Τὸ δρᾶμα
«Ἰδοὺ ἐκεῖνος ! ἐκραξεν ἡ Γενεβιέβ. Πρὸ ἑκάστου τῆς ὥρας. Θεέ μου ! Θεέ μου ! ἀνακράξεις, ἡ θνεια μου ἦ ἀπασίᾳ ἀποφάσεις. Φύγετε, Μεγαλειότητες, σᾶς εἶσθε ἀλλάξει...» «Ἐὰν εἶναι ἐκεῖνος, δὲν ἐξεύρω πῶς θὰ τὸ δεχθῶ, ἀπήντησεν ἡ Ἰωάννα. Καὶ ἐὰν δὲν ἔλθῃ;» Ὁ κρότος καλπάζοντος ὁρμητικοῦ ἵππου ἀντήχησεν εἰς τὸ προαύλιον.
ΓΝΩΣΤΟΠΟΙΗΣΙΣ
Πωλοῦνται δι' ἀφορμὴν τιμαλφεῖα ἐκ διαφόρων ἐποχῶν ἐπιπλα καὶ σκεύη τῆς οἰκογενείας Δευτέρου εἰς τὴν ἑλληνικὴν Πατησίων 150 Ἰερῶν καὶ Ἁγίων. Ἡ ἐπίσκεψις ἐπιτρέπεται ἀπὸ τῆς 8ης π. μ. ἕως τῆς 12ης μ. μ. καὶ ἀπὸ τῆς 3ης ἕως 6ης μ. μ. Μοναδικὴ εὐκαιρία διὰ τοὺς φιλοτέχνους καὶ τοὺς συλλέκτας ἀρχαιοτήτων.
Οἱ σύνδικοι τῆς πτωχεύσεως
Σ
Η
Μ
Ε
Ρ
Ο
Ν
Σ
Η
Μ
Ε
Ρ
Ο
Ν
ΤΗΝ 5ην ΜΑΡΤΙΟΥ
100,000 ΔΡΑΧΜΩΝ
ΚΕΡΔΙΖΟΥΝ ΜΕ ΜΙΑΝ ΔΡΑΧΜΗΝ
ΟΙ ΑΓΟΡΑΖΟΝΤΕΣ ΜΟΝΟΔΡΑΧΜΑ ΛΑΧΕΙΑ ΤΟΥ ΣΤΟΛΟΥ
